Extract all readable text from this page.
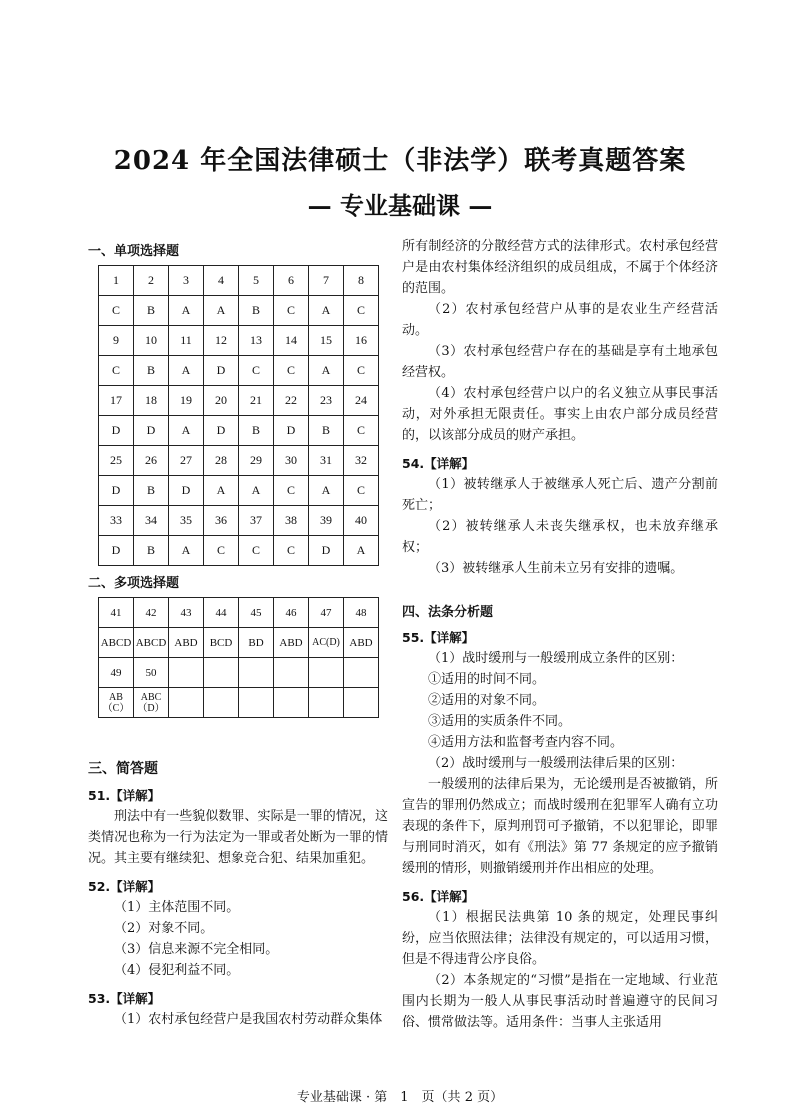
2024 年全国法律硕士（非法学）联考真题答案
— 专业基础课 —
一、单项选择题
1	2	3	4	5	6	7	8
C	B	A	A	B	C	A	C
9	10	11	12	13	14	15	16
C	B	A	D	C	C	A	C
17	18	19	20	21	22	23	24
D	D	A	D	B	D	B	C
25	26	27	28	29	30	31	32
D	B	D	A	A	C	A	C
33	34	35	36	37	38	39	40
D	B	A	C	C	C	D	A
二、多项选择题
41	42	43	44	45	46	47	48
ABCD	ABCD	ABD	BCD	BD	ABD	AC(D)	ABD
49	50						
AB（C）	ABC（D）						
三、简答题
51.【详解】

刑法中有一些貌似数罪、实际是一罪的情况，这类情况也称为一行为法定为一罪或者处断为一罪的情况。其主要有继续犯、想象竞合犯、结果加重犯。

52.【详解】

（1）主体范围不同。

（2）对象不同。

（3）信息来源不完全相同。

（4）侵犯利益不同。

53.【详解】

（1）农村承包经营户是我国农村劳动群众集体

所有制经济的分散经营方式的法律形式。农村承包经营户是由农村集体经济组织的成员组成，不属于个体经济的范围。

（2）农村承包经营户从事的是农业生产经营活动。

（3）农村承包经营户存在的基础是享有土地承包经营权。

（4）农村承包经营户以户的名义独立从事民事活动，对外承担无限责任。事实上由农户部分成员经营的，以该部分成员的财产承担。

54.【详解】

（1）被转继承人于被继承人死亡后、遗产分割前死亡；

（2）被转继承人未丧失继承权，也未放弃继承权；

（3）被转继承人生前未立另有安排的遗嘱。

四、法条分析题
55.【详解】

（1）战时缓刑与一般缓刑成立条件的区别：

①适用的时间不同。

②适用的对象不同。

③适用的实质条件不同。

④适用方法和监督考查内容不同。

（2）战时缓刑与一般缓刑法律后果的区别：

一般缓刑的法律后果为，无论缓刑是否被撤销，所宣告的罪刑仍然成立；而战时缓刑在犯罪军人确有立功表现的条件下，原判刑罚可予撤销，不以犯罪论，即罪与刑同时消灭，如有《刑法》第 77 条规定的应予撤销缓刑的情形，则撤销缓刑并作出相应的处理。

56.【详解】

（1）根据民法典第 10 条的规定，处理民事纠纷，应当依照法律；法律没有规定的，可以适用习惯，但是不得违背公序良俗。

（2）本条规定的“习惯”是指在一定地域、行业范围内长期为一般人从事民事活动时普遍遵守的民间习俗、惯常做法等。适用条件：当事人主张适用

专业基础课 · 第　1　页（共 2 页）
